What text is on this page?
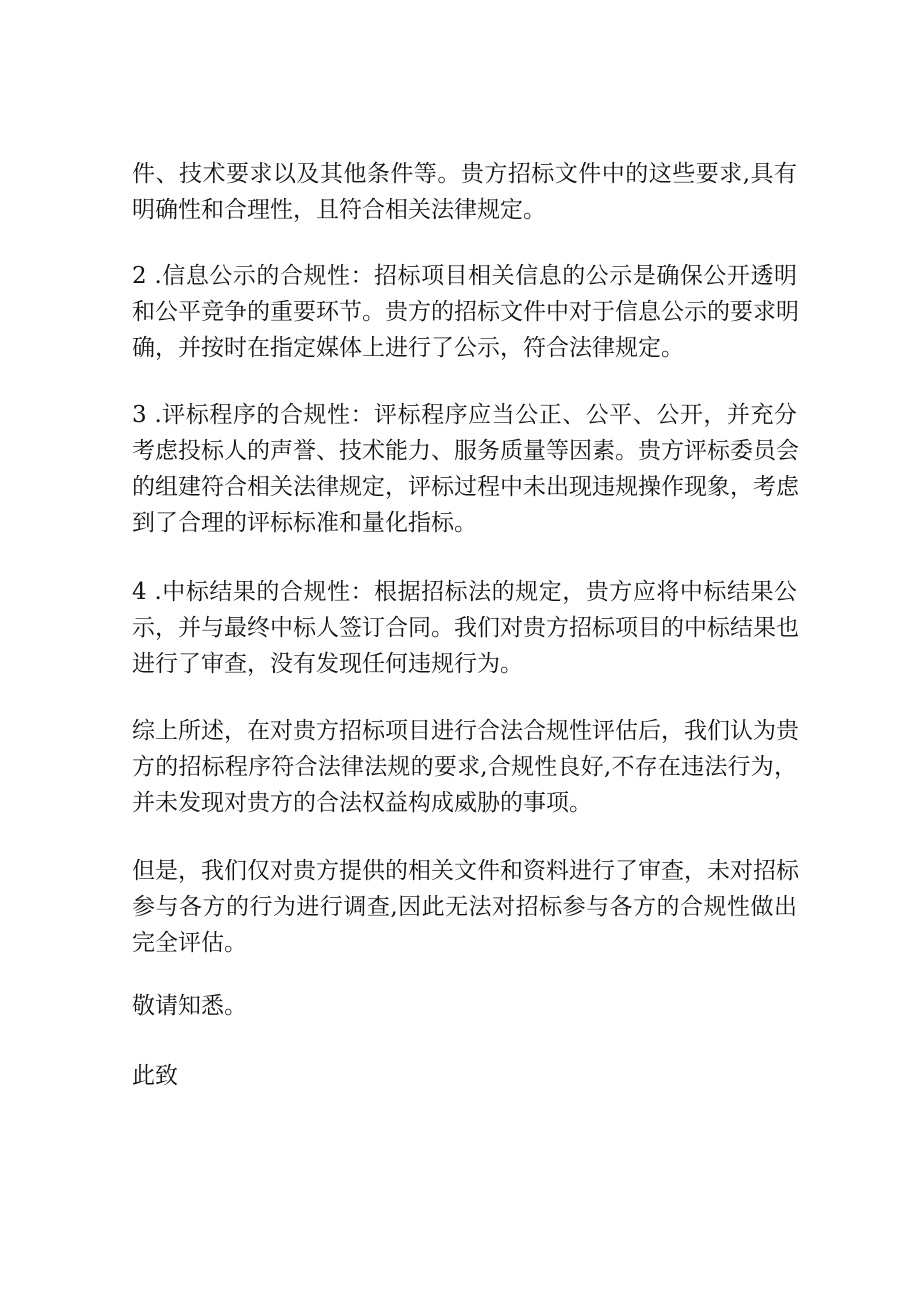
件、技术要求以及其他条件等。贵方招标文件中的这些要求,具有
明确性和合理性，且符合相关法律规定。
2 .信息公示的合规性：招标项目相关信息的公示是确保公开透明
和公平竞争的重要环节。贵方的招标文件中对于信息公示的要求明
确，并按时在指定媒体上进行了公示，符合法律规定。
3 .评标程序的合规性：评标程序应当公正、公平、公开，并充分
考虑投标人的声誉、技术能力、服务质量等因素。贵方评标委员会
的组建符合相关法律规定，评标过程中未出现违规操作现象，考虑
到了合理的评标标准和量化指标。
4 .中标结果的合规性：根据招标法的规定，贵方应将中标结果公
示，并与最终中标人签订合同。我们对贵方招标项目的中标结果也
进行了审查，没有发现任何违规行为。
综上所述，在对贵方招标项目进行合法合规性评估后，我们认为贵
方的招标程序符合法律法规的要求,合规性良好,不存在违法行为，
并未发现对贵方的合法权益构成威胁的事项。
但是，我们仅对贵方提供的相关文件和资料进行了审查，未对招标
参与各方的行为进行调查,因此无法对招标参与各方的合规性做出
完全评估。
敬请知悉。
此致
